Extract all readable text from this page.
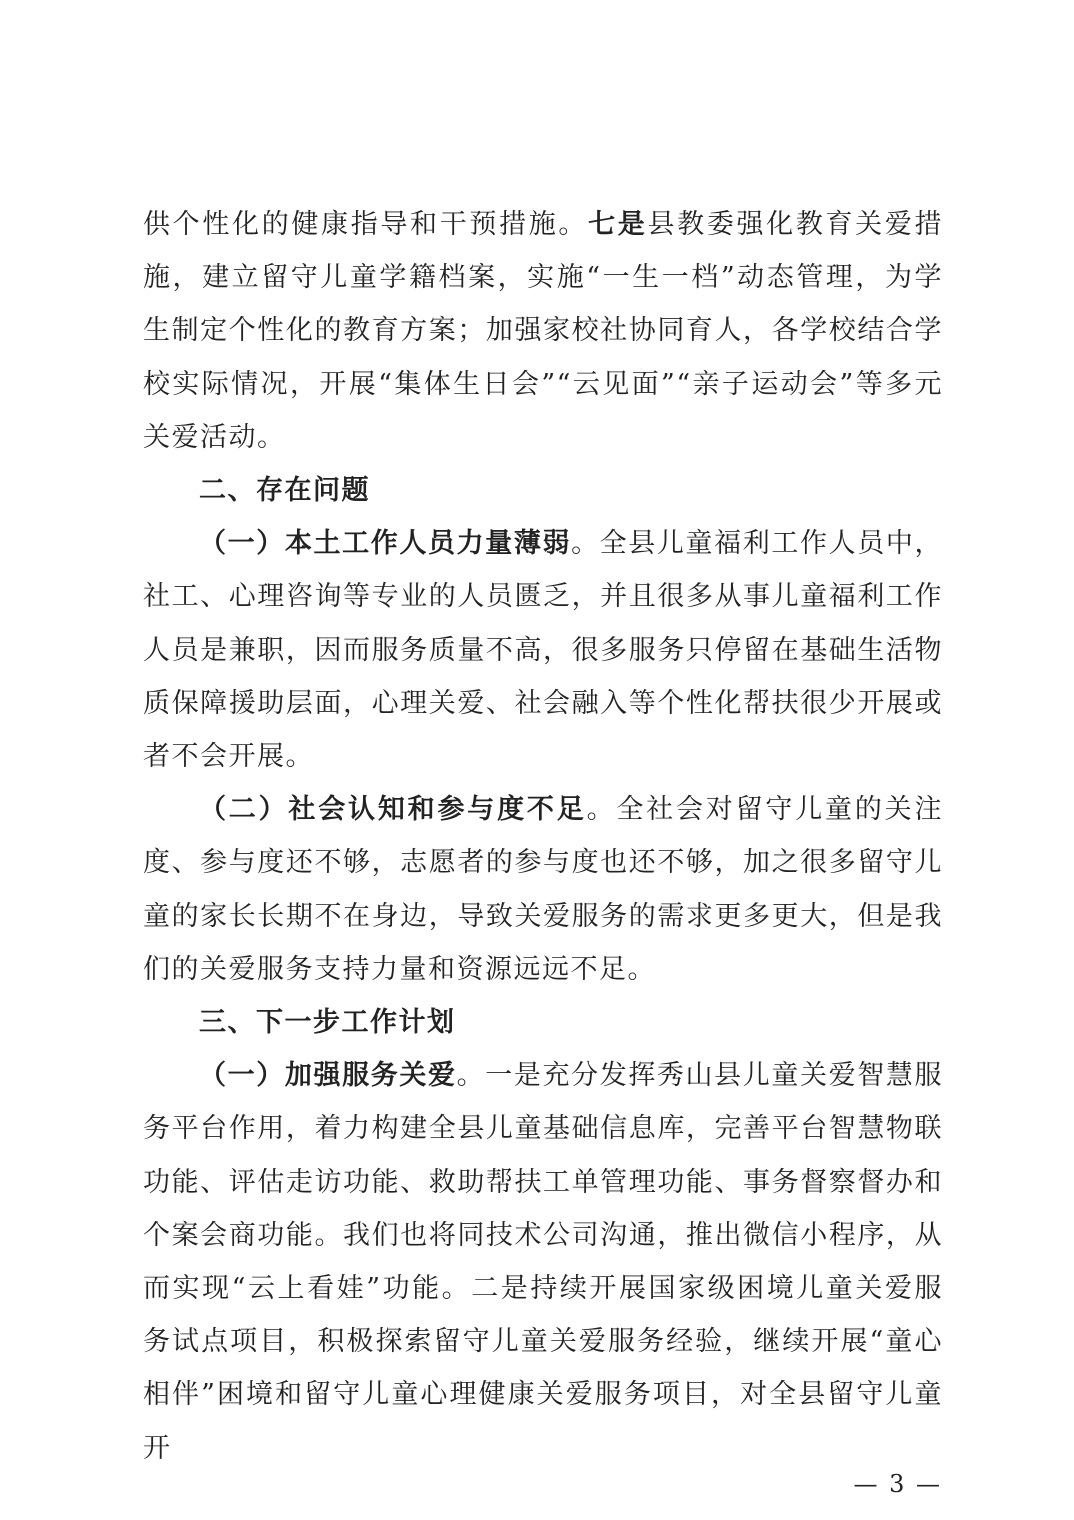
供个性化的健康指导和干预措施。七是县教委强化教育关爱措施，建立留守儿童学籍档案，实施“一生一档”动态管理，为学生制定个性化的教育方案；加强家校社协同育人，各学校结合学校实际情况，开展“集体生日会”“云见面”“亲子运动会”等多元关爱活动。

二、存在问题

（一）本土工作人员力量薄弱。全县儿童福利工作人员中，社工、心理咨询等专业的人员匮乏，并且很多从事儿童福利工作人员是兼职，因而服务质量不高，很多服务只停留在基础生活物质保障援助层面，心理关爱、社会融入等个性化帮扶很少开展或者不会开展。

（二）社会认知和参与度不足。全社会对留守儿童的关注度、参与度还不够，志愿者的参与度也还不够，加之很多留守儿童的家长长期不在身边，导致关爱服务的需求更多更大，但是我们的关爱服务支持力量和资源远远不足。

三、下一步工作计划

（一）加强服务关爱。一是充分发挥秀山县儿童关爱智慧服务平台作用，着力构建全县儿童基础信息库，完善平台智慧物联功能、评估走访功能、救助帮扶工单管理功能、事务督察督办和个案会商功能。我们也将同技术公司沟通，推出微信小程序，从而实现“云上看娃”功能。二是持续开展国家级困境儿童关爱服务试点项目，积极探索留守儿童关爱服务经验，继续开展“童心相伴”困境和留守儿童心理健康关爱服务项目，对全县留守儿童开

— 3 —
